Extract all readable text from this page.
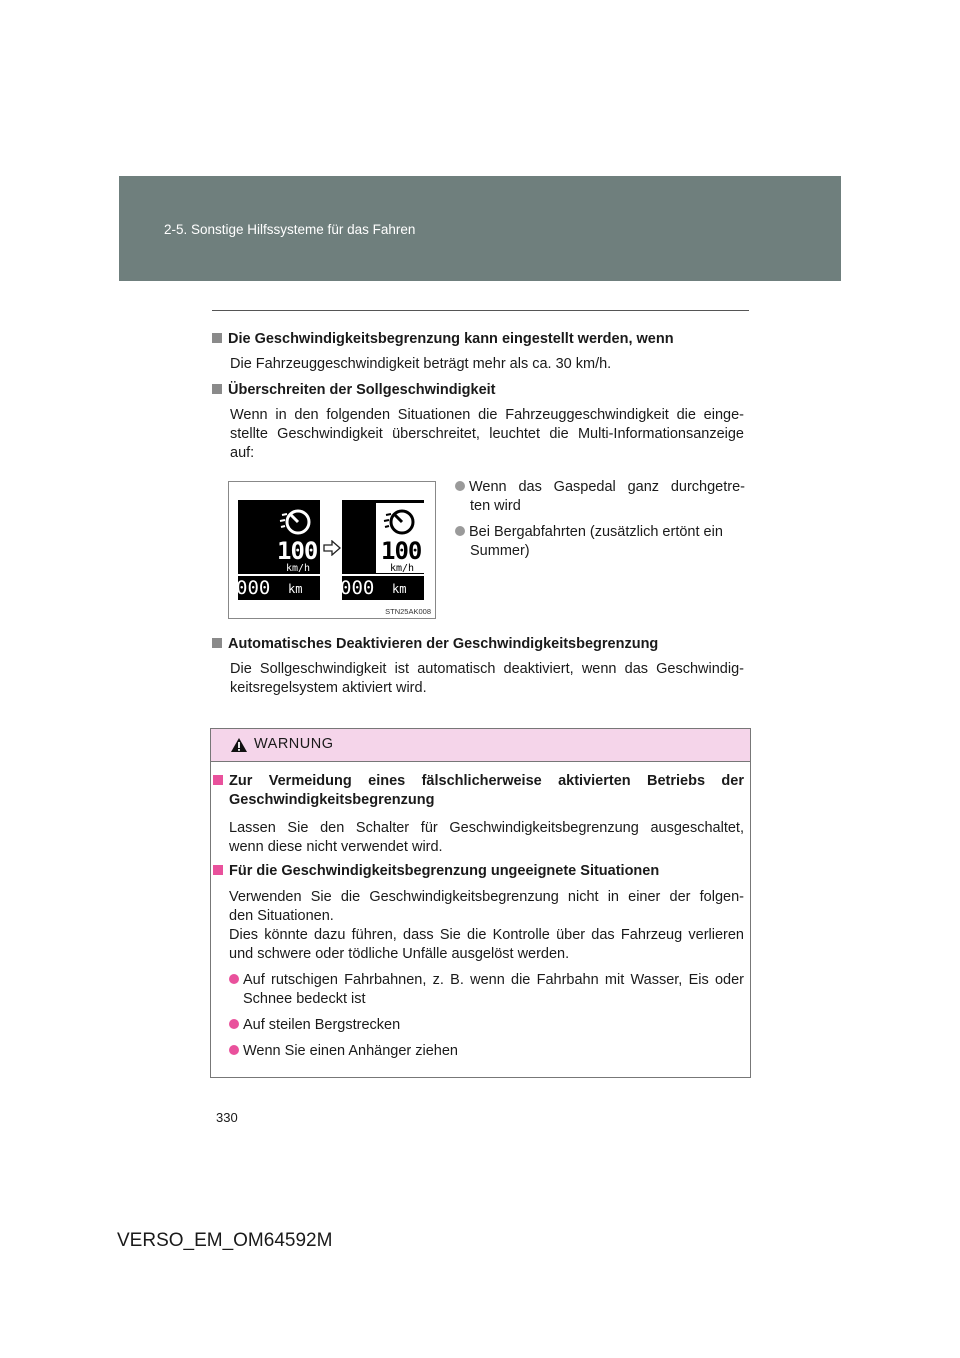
2-5. Sonstige Hilfssysteme für das Fahren
Die Geschwindigkeitsbegrenzung kann eingestellt werden, wenn
Die Fahrzeuggeschwindigkeit beträgt mehr als ca. 30 km/h.
Überschreiten der Sollgeschwindigkeit
Wenn in den folgenden Situationen die Fahrzeuggeschwindigkeit die einge-
stellte Geschwindigkeit überschreitet, leuchtet die Multi-Informationsanzeige
auf:
100
km/h
000 km
100
km/h
000 km
STN25AK008
Wenn das Gaspedal ganz durchgetre-
ten wird
Bei Bergabfahrten (zusätzlich ertönt ein
Summer)
Automatisches Deaktivieren der Geschwindigkeitsbegrenzung
Die Sollgeschwindigkeit ist automatisch deaktiviert, wenn das Geschwindig-
keitsregelsystem aktiviert wird.
WARNUNG
Zur Vermeidung eines fälschlicherweise aktivierten Betriebs der
Geschwindigkeitsbegrenzung
Lassen Sie den Schalter für Geschwindigkeitsbegrenzung ausgeschaltet,
wenn diese nicht verwendet wird.
Für die Geschwindigkeitsbegrenzung ungeeignete Situationen
Verwenden Sie die Geschwindigkeitsbegrenzung nicht in einer der folgen-
den Situationen.
Dies könnte dazu führen, dass Sie die Kontrolle über das Fahrzeug verlieren
und schwere oder tödliche Unfälle ausgelöst werden.
Auf rutschigen Fahrbahnen, z. B. wenn die Fahrbahn mit Wasser, Eis oder
Schnee bedeckt ist
Auf steilen Bergstrecken
Wenn Sie einen Anhänger ziehen
330
VERSO_EM_OM64592M
